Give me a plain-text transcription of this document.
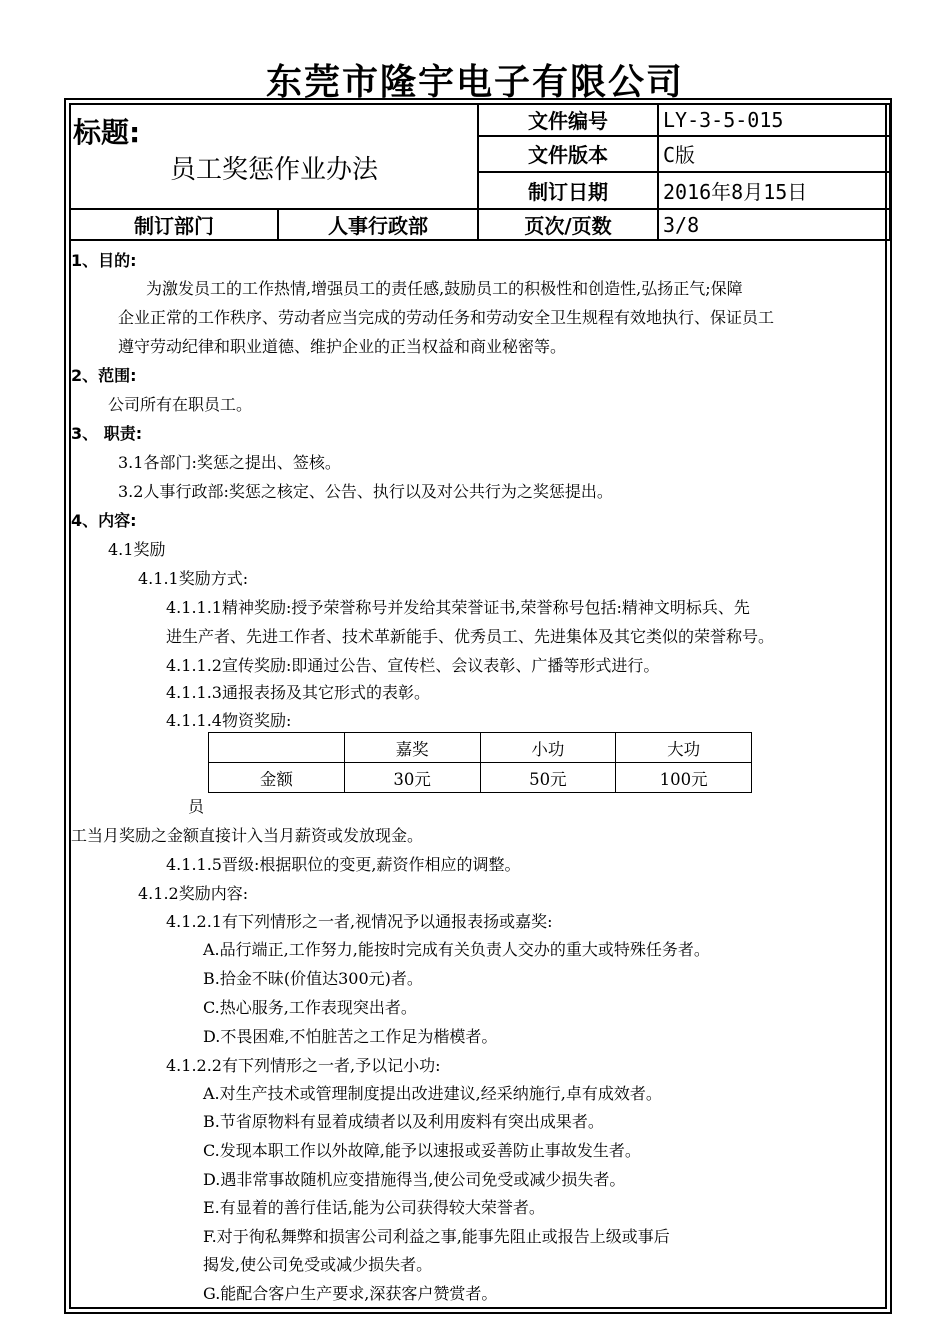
东莞市隆宇电子有限公司
标题:
员工奖惩作业办法		文件编号	LY-3-5-015
		文件版本	C版
		制订日期	2016年8月15日
制订部门	人事行政部	页次/页数	3/8
1、目的:
为激发员工的工作热情,增强员工的责任感,鼓励员工的积极性和创造性,弘扬正气;保障
企业正常的工作秩序、劳动者应当完成的劳动任务和劳动安全卫生规程有效地执行、保证员工
遵守劳动纪律和职业道德、维护企业的正当权益和商业秘密等。
2、范围:
公司所有在职员工。
3、 职责:
3.1各部门:奖惩之提出、签核。
3.2人事行政部:奖惩之核定、公告、执行以及对公共行为之奖惩提出。
4、内容:
4.1奖励
4.1.1奖励方式:
4.1.1.1精神奖励:授予荣誉称号并发给其荣誉证书,荣誉称号包括:精神文明标兵、先
进生产者、先进工作者、技术革新能手、优秀员工、先进集体及其它类似的荣誉称号。
4.1.1.2宣传奖励:即通过公告、宣传栏、会议表彰、广播等形式进行。
4.1.1.3通报表扬及其它形式的表彰。
4.1.1.4物资奖励:
	嘉奖	小功	大功
金额	30元	50元	100元
员
工当月奖励之金额直接计入当月薪资或发放现金。
4.1.1.5晋级:根据职位的变更,薪资作相应的调整。
4.1.2奖励内容:
4.1.2.1有下列情形之一者,视情况予以通报表扬或嘉奖:
A.品行端正,工作努力,能按时完成有关负责人交办的重大或特殊任务者。
B.拾金不昧(价值达300元)者。
C.热心服务,工作表现突出者。
D.不畏困难,不怕脏苦之工作足为楷模者。
4.1.2.2有下列情形之一者,予以记小功:
A.对生产技术或管理制度提出改进建议,经采纳施行,卓有成效者。
B.节省原物料有显着成绩者以及利用废料有突出成果者。
C.发现本职工作以外故障,能予以速报或妥善防止事故发生者。
D.遇非常事故随机应变措施得当,使公司免受或减少损失者。
E.有显着的善行佳话,能为公司获得较大荣誉者。
F.对于徇私舞弊和损害公司利益之事,能事先阻止或报告上级或事后
揭发,使公司免受或减少损失者。
G.能配合客户生产要求,深获客户赞赏者。
